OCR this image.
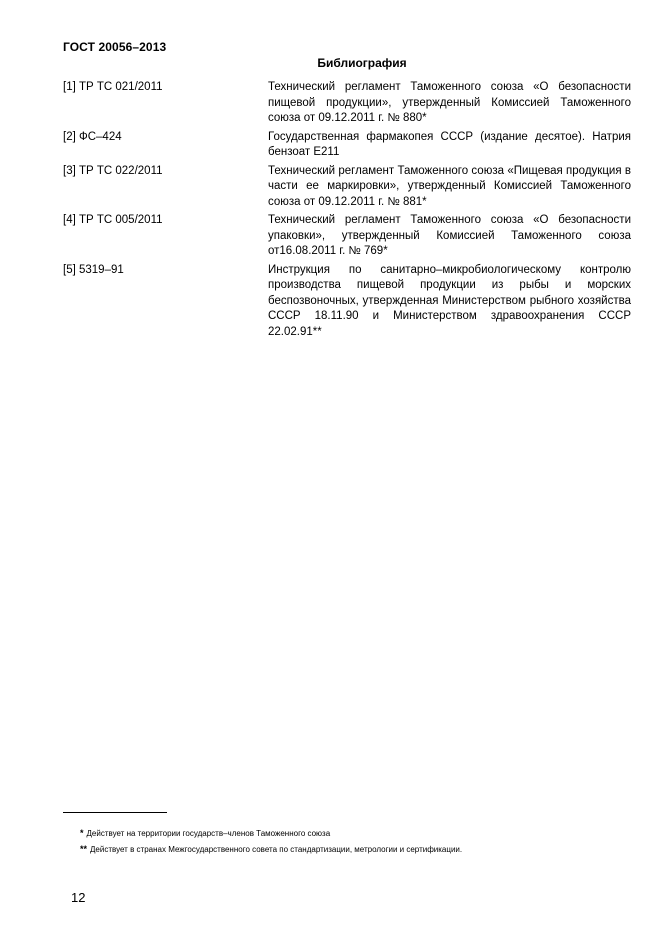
ГОСТ 20056–2013
Библиография
[1] ТР ТС 021/2011	Технический регламент Таможенного союза «О безопасности пищевой продукции», утвержденный Комиссией Таможенного союза от 09.12.2011 г. № 880*
[2] ФС–424	Государственная фармакопея СССР (издание десятое). Натрия бензоат Е211
[3] ТР ТС 022/2011	Технический регламент Таможенного союза «Пищевая продукция в части ее маркировки», утвержденный Комиссией Таможенного союза от 09.12.2011 г. № 881*
[4] ТР ТС 005/2011	Технический регламент Таможенного союза «О безопасности упаковки», утвержденный Комиссией Таможенного союза от16.08.2011 г. № 769*
[5] 5319–91	Инструкция по санитарно–микробиологическому контролю производства пищевой продукции из рыбы и морских беспозвоночных, утвержденная Министерством рыбного хозяйства СССР 18.11.90 и Министерством здравоохранения СССР 22.02.91**
* Действует на территории государств–членов Таможенного союза
** Действует в странах Межгосударственного совета по стандартизации, метрологии и сертификации.
12
